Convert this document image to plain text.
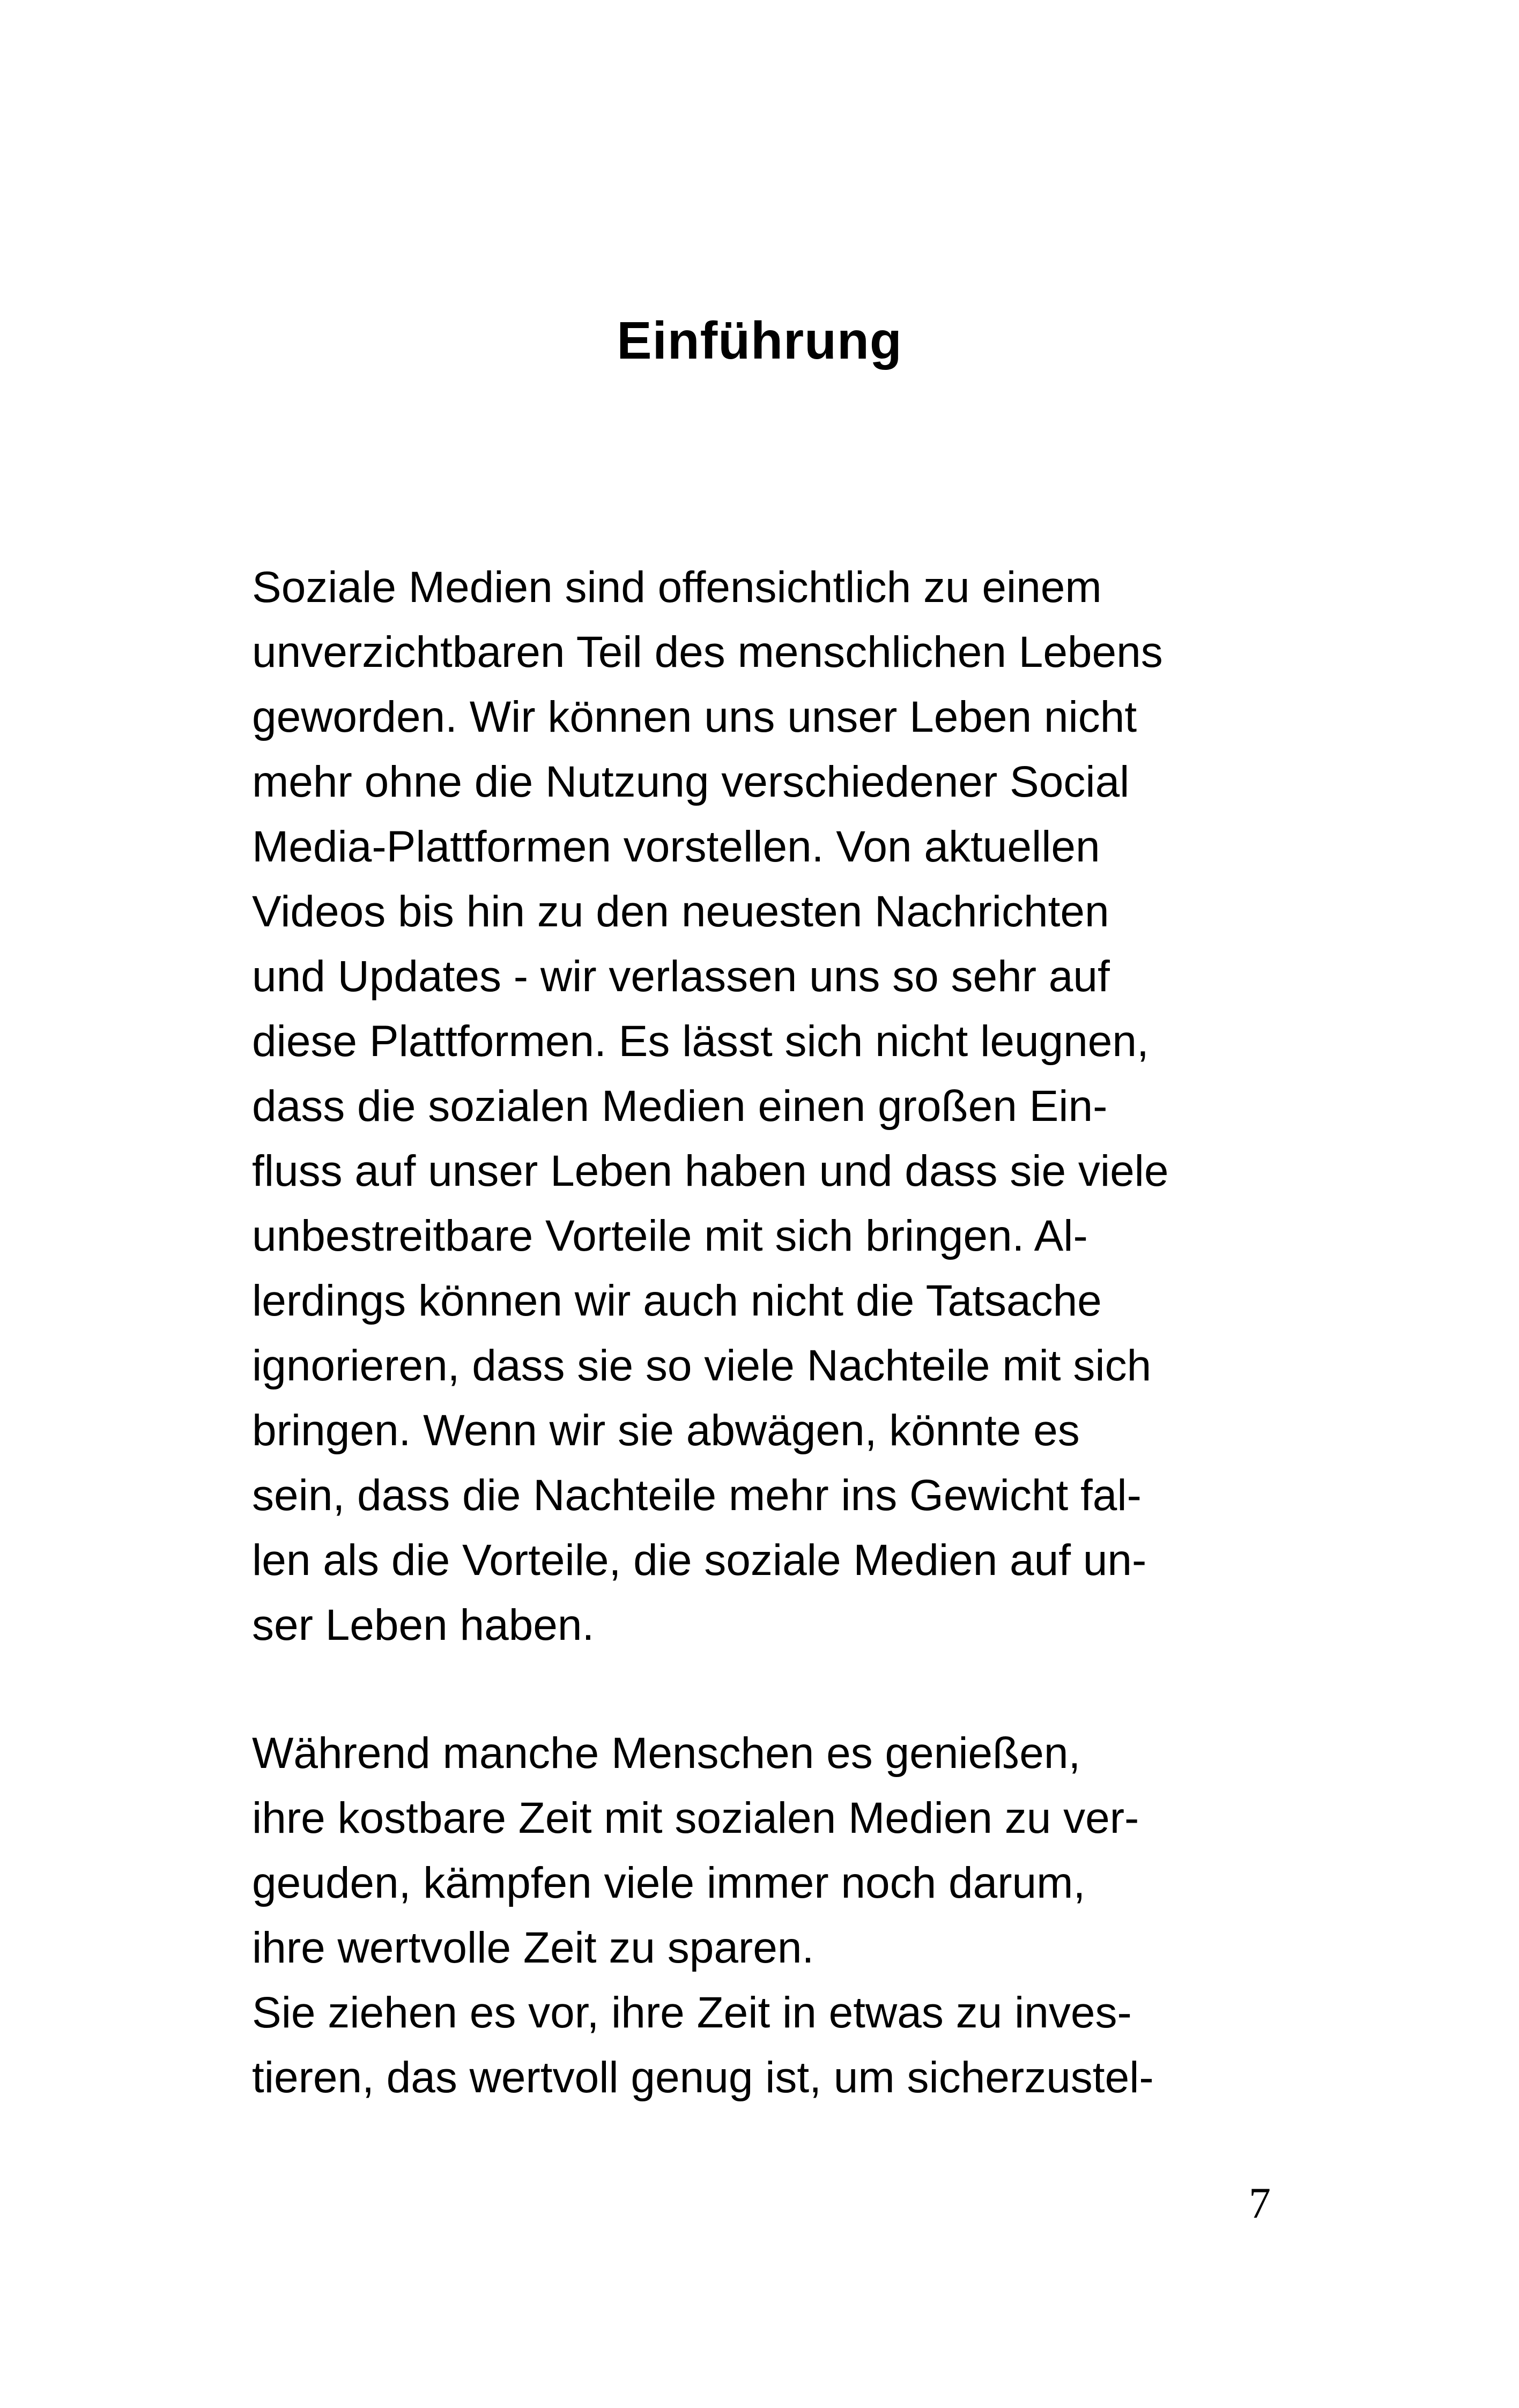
Einführung

Soziale Medien sind offensichtlich zu einem
unverzichtbaren Teil des menschlichen Lebens
geworden. Wir können uns unser Leben nicht
mehr ohne die Nutzung verschiedener Social
Media-Plattformen vorstellen. Von aktuellen
Videos bis hin zu den neuesten Nachrichten
und Updates - wir verlassen uns so sehr auf
diese Plattformen. Es lässt sich nicht leugnen,
dass die sozialen Medien einen großen Ein-
fluss auf unser Leben haben und dass sie viele
unbestreitbare Vorteile mit sich bringen. Al-
lerdings können wir auch nicht die Tatsache
ignorieren, dass sie so viele Nachteile mit sich
bringen. Wenn wir sie abwägen, könnte es
sein, dass die Nachteile mehr ins Gewicht fal-
len als die Vorteile, die soziale Medien auf un-
ser Leben haben.

Während manche Menschen es genießen,
ihre kostbare Zeit mit sozialen Medien zu ver-
geuden, kämpfen viele immer noch darum,
ihre wertvolle Zeit zu sparen.
Sie ziehen es vor, ihre Zeit in etwas zu inves-
tieren, das wertvoll genug ist, um sicherzustel-

7
